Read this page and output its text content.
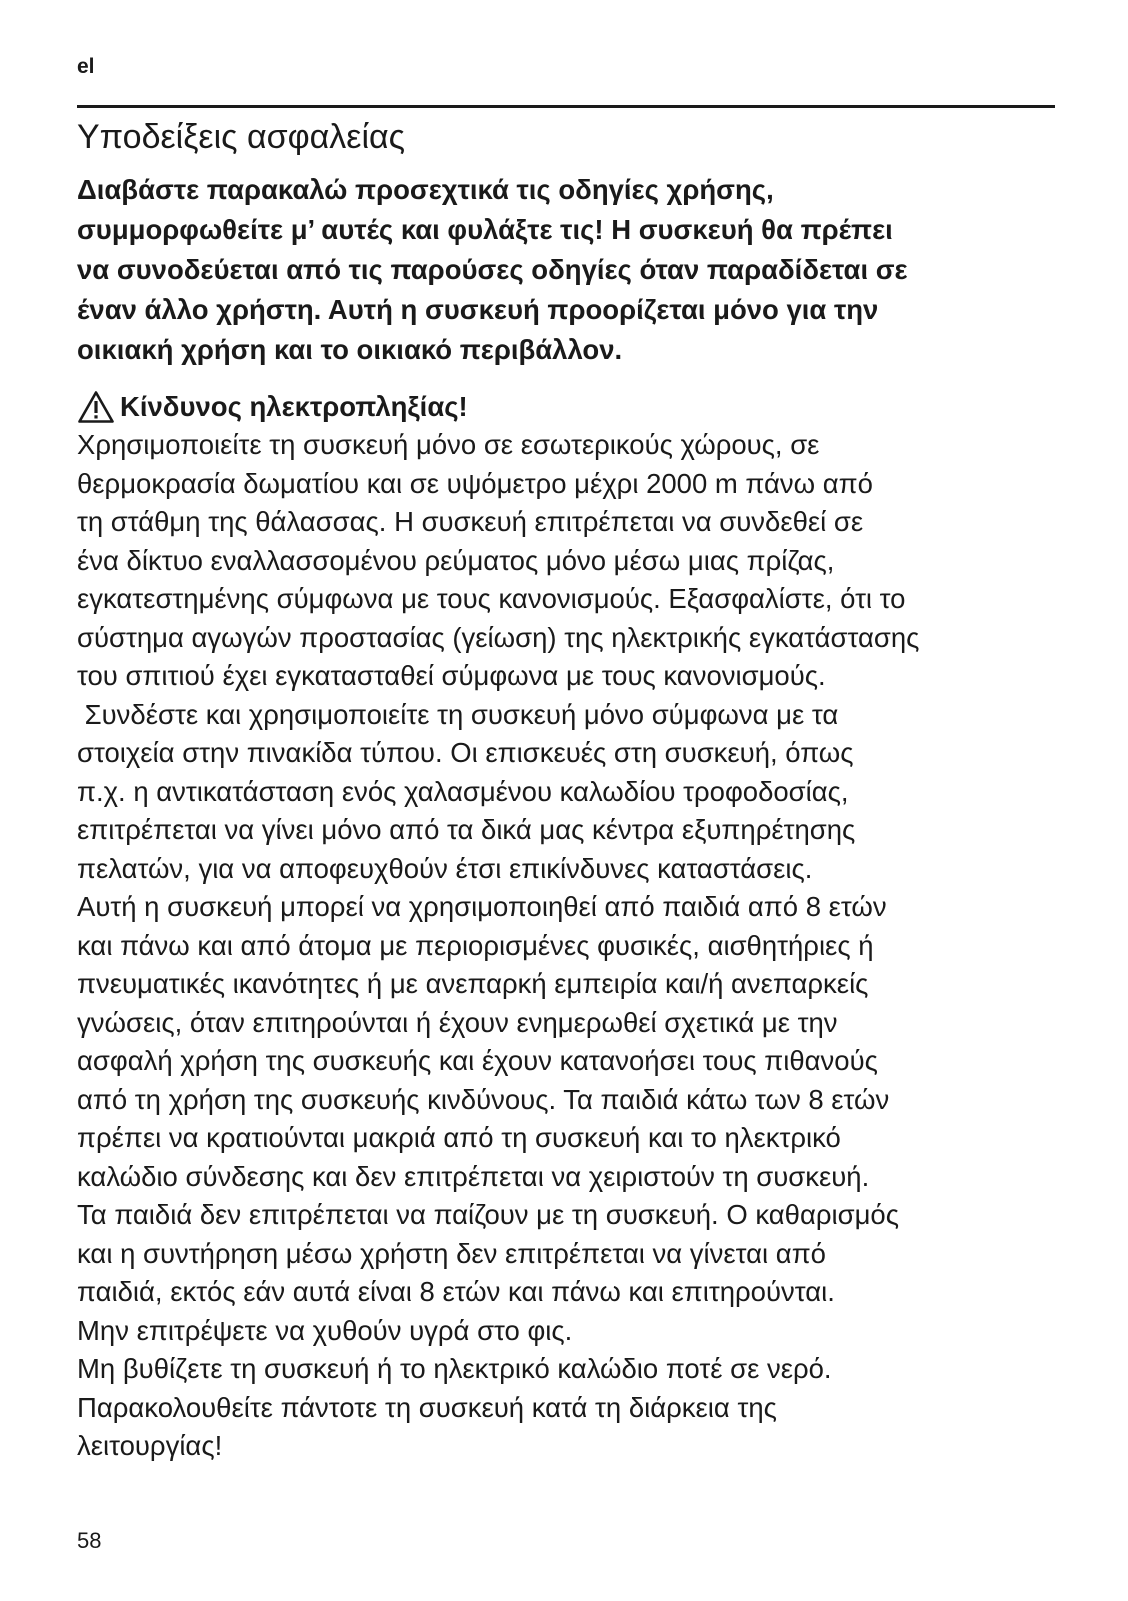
el
Υποδείξεις ασφαλείας

Διαβάστε παρακαλώ προσεχτικά τις οδηγίες χρήσης,
συμμορφωθείτε μ’ αυτές και φυλάξτε τις! Η συσκευή θα πρέπει
να συνοδεύεται από τις παρούσες οδηγίες όταν παραδίδεται σε
έναν άλλο χρήστη. Αυτή η συσκευή προορίζεται μόνο για την
οικιακή χρήση και το οικιακό περιβάλλον.

Κίνδυνος ηλεκτροπληξίας!

Χρησιμοποιείτε τη συσκευή μόνο σε εσωτερικούς χώρους, σε
θερμοκρασία δωματίου και σε υψόμετρο μέχρι 2000 m πάνω από
τη στάθμη της θάλασσας. Η συσκευή επιτρέπεται να συνδεθεί σε
ένα δίκτυο εναλλασσομένου ρεύματος μόνο μέσω μιας πρίζας,
εγκατεστημένης σύμφωνα με τους κανονισμούς. Εξασφαλίστε, ότι το
σύστημα αγωγών προστασίας (γείωση) της ηλεκτρικής εγκατάστασης
του σπιτιού έχει εγκατασταθεί σύμφωνα με τους κανονισμούς.
Συνδέστε και χρησιμοποιείτε τη συσκευή μόνο σύμφωνα με τα
στοιχεία στην πινακίδα τύπου. Οι επισκευές στη συσκευή, όπως
π.χ. η αντικατάσταση ενός χαλασμένου καλωδίου τροφοδοσίας,
επιτρέπεται να γίνει μόνο από τα δικά μας κέντρα εξυπηρέτησης
πελατών, για να αποφευχθούν έτσι επικίνδυνες καταστάσεις.
Αυτή η συσκευή μπορεί να χρησιμοποιηθεί από παιδιά από 8 ετών
και πάνω και από άτομα με περιορισμένες φυσικές, αισθητήριες ή
πνευματικές ικανότητες ή με ανεπαρκή εμπειρία και/ή ανεπαρκείς
γνώσεις, όταν επιτηρούνται ή έχουν ενημερωθεί σχετικά με την
ασφαλή χρήση της συσκευής και έχουν κατανοήσει τους πιθανούς
από τη χρήση της συσκευής κινδύνους. Τα παιδιά κάτω των 8 ετών
πρέπει να κρατιούνται μακριά από τη συσκευή και το ηλεκτρικό
καλώδιο σύνδεσης και δεν επιτρέπεται να χειριστούν τη συσκευή.
Τα παιδιά δεν επιτρέπεται να παίζουν με τη συσκευή. Ο καθαρισμός
και η συντήρηση μέσω χρήστη δεν επιτρέπεται να γίνεται από
παιδιά, εκτός εάν αυτά είναι 8 ετών και πάνω και επιτηρούνται.
Μην επιτρέψετε να χυθούν υγρά στο φις.
Μη βυθίζετε τη συσκευή ή το ηλεκτρικό καλώδιο ποτέ σε νερό.
Παρακολουθείτε πάντοτε τη συσκευή κατά τη διάρκεια της
λειτουργίας!

58
